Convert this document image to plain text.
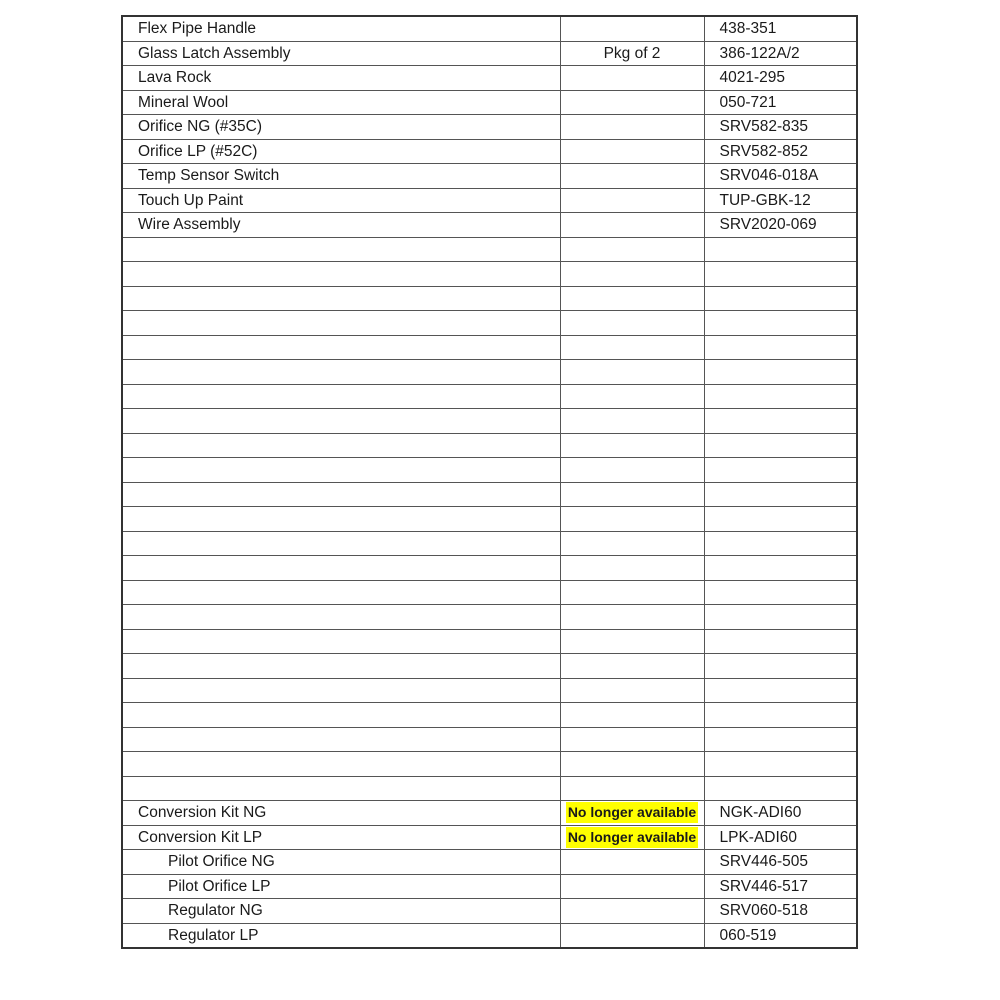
Flex Pipe Handle		438-351
Glass Latch Assembly	Pkg of 2	386-122A/2
Lava Rock		4021-295
Mineral Wool		050-721
Orifice NG (#35C)		SRV582-835
Orifice LP (#52C)		SRV582-852
Temp Sensor Switch		SRV046-018A
Touch Up Paint		TUP-GBK-12
Wire Assembly		SRV2020-069

Conversion Kit NG	No longer available	NGK-ADI60
Conversion Kit LP	No longer available	LPK-ADI60
Pilot Orifice NG		SRV446-505
Pilot Orifice LP		SRV446-517
Regulator NG		SRV060-518
Regulator LP		060-519
